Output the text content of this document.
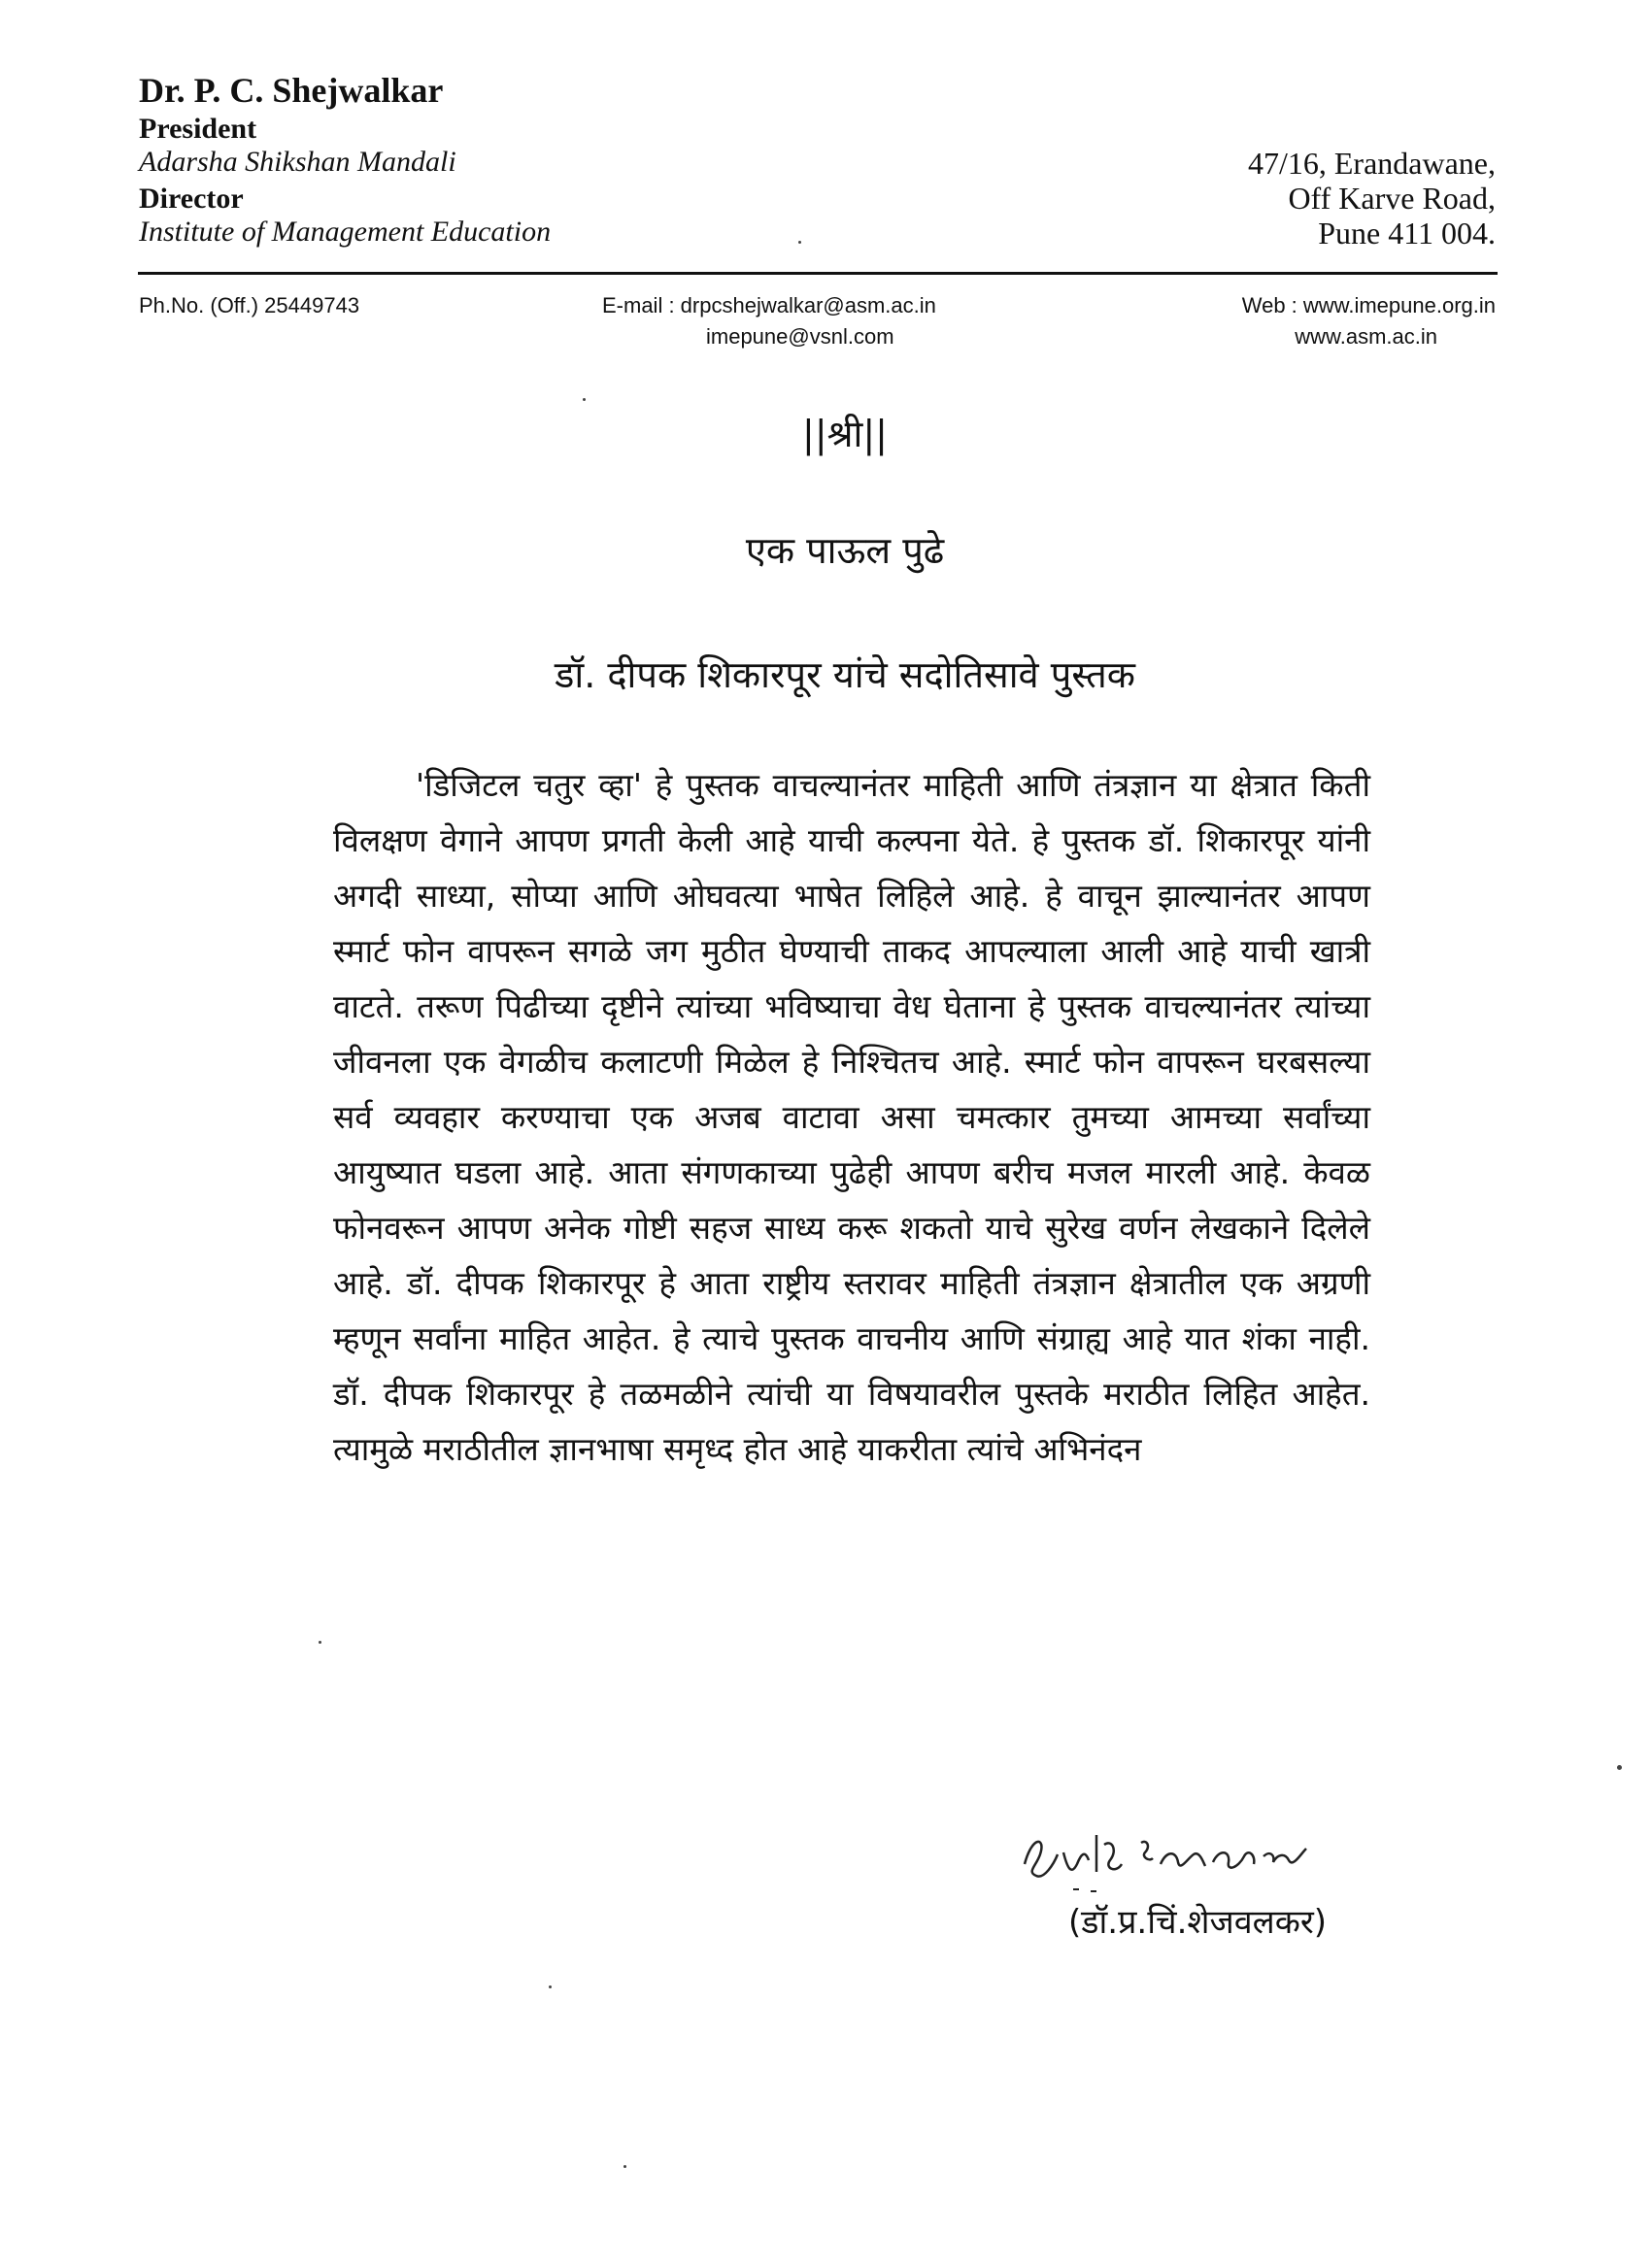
Dr. P. C. Shejwalkar
President
Adarsha Shikshan Mandali
Director
Institute of Management Education
47/16, Erandawane,
Off Karve Road,
Pune 411 004.
Ph.No. (Off.) 25449743	E-mail : drpcshejwalkar@asm.ac.in
imepune@vsnl.com
Web : www.imepune.org.in
www.asm.ac.in
||श्री||
एक पाऊल पुढे
डॉ. दीपक शिकारपूर यांचे सदोतिसावे पुस्तक
'डिजिटल चतुर व्हा' हे पुस्तक वाचल्यानंतर माहिती आणि तंत्रज्ञान या क्षेत्रात किती विलक्षण वेगाने आपण प्रगती केली आहे याची कल्पना येते. हे पुस्तक डॉ. शिकारपूर यांनी अगदी साध्या, सोप्या आणि ओघवत्या भाषेत लिहिले आहे. हे वाचून झाल्यानंतर आपण स्मार्ट फोन वापरून सगळे जग मुठीत घेण्याची ताकद आपल्याला आली आहे याची खात्री वाटते. तरूण पिढीच्या दृष्टीने त्यांच्या भविष्याचा वेध घेताना हे पुस्तक वाचल्यानंतर त्यांच्या जीवनला एक वेगळीच कलाटणी मिळेल हे निश्चितच आहे. स्मार्ट फोन वापरून घरबसल्या सर्व व्यवहार करण्याचा एक अजब वाटावा असा चमत्कार तुमच्या आमच्या सर्वांच्या आयुष्यात घडला आहे. आता संगणकाच्या पुढेही आपण बरीच मजल मारली आहे. केवळ फोनवरून आपण अनेक गोष्टी सहज साध्य करू शकतो याचे सुरेख वर्णन लेखकाने दिलेले आहे. डॉ. दीपक शिकारपूर हे आता राष्ट्रीय स्तरावर माहिती तंत्रज्ञान क्षेत्रातील एक अग्रणी म्हणून सर्वांना माहित आहेत. हे त्याचे पुस्तक वाचनीय आणि संग्राह्य आहे यात शंका नाही. डॉ. दीपक शिकारपूर हे तळमळीने त्यांची या विषयावरील पुस्तके मराठीत लिहित आहेत. त्यामुळे मराठीतील ज्ञानभाषा समृध्द होत आहे याकरीता त्यांचे अभिनंदन
(डॉ.प्र.चिं.शेजवलकर)
